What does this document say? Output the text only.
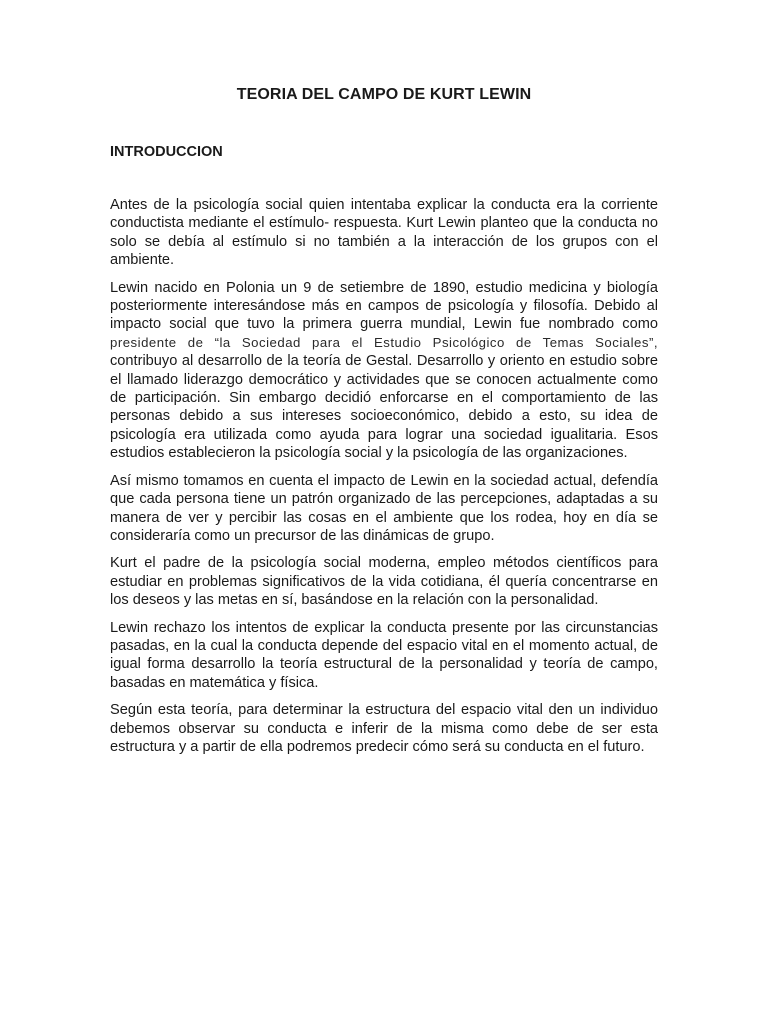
TEORIA DEL CAMPO DE KURT LEWIN
INTRODUCCION

Antes de la psicología social quien intentaba explicar la conducta era la corriente conductista mediante el estímulo- respuesta. Kurt Lewin planteo que la conducta no solo se debía al estímulo si no también a la interacción de los grupos con el ambiente.

Lewin nacido en Polonia un 9 de setiembre de 1890, estudio medicina y biología posteriormente interesándose más en campos de psicología y filosofía. Debido al impacto social que tuvo la primera guerra mundial, Lewin fue nombrado como presidente de “la Sociedad para el Estudio Psicológico de Temas Sociales”, contribuyo al desarrollo de la teoría de Gestal. Desarrollo y oriento en estudio sobre el llamado liderazgo democrático y actividades que se conocen actualmente como de participación. Sin embargo decidió enforcarse en el comportamiento de las personas debido a sus intereses socioeconómico, debido a esto, su idea de psicología era utilizada como ayuda para lograr una sociedad igualitaria. Esos estudios establecieron la psicología social y la psicología de las organizaciones.

Así mismo tomamos en cuenta el impacto de Lewin en la sociedad actual, defendía que cada persona tiene un patrón organizado de las percepciones, adaptadas a su manera de ver y percibir las cosas en el ambiente que los rodea, hoy en día se consideraría como un precursor de las dinámicas de grupo.

Kurt el padre de la psicología social moderna, empleo métodos científicos para estudiar en problemas significativos de la vida cotidiana, él quería concentrarse en los deseos y las metas en sí, basándose en la relación con la personalidad.

Lewin rechazo los intentos de explicar la conducta presente por las circunstancias pasadas, en la cual la conducta depende del espacio vital en el momento actual, de igual forma desarrollo la teoría estructural de la personalidad y teoría de campo, basadas en matemática y física.

Según esta teoría, para determinar la estructura del espacio vital den un individuo debemos observar su conducta e inferir de la misma como debe de ser esta estructura y a partir de ella podremos predecir cómo será su conducta en el futuro.
